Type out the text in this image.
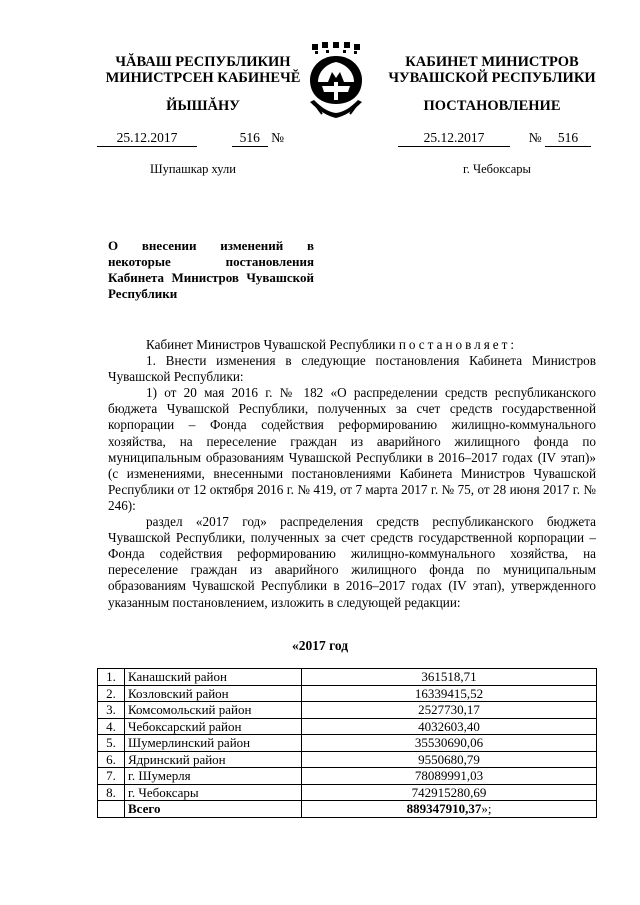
ЧĂВАШ РЕСПУБЛИКИН
МИНИСТРСЕН КАБИНЕЧĔ
ЙЫШĂНУ
КАБИНЕТ МИНИСТРОВ
ЧУВАШСКОЙ РЕСПУБЛИКИ
ПОСТАНОВЛЕНИЕ
25.12.2017	516 №	25.12.2017	№ 516
Шупашкар хули	г. Чебоксары
О внесении изменений в некоторые постановления Кабинета Министров Чувашской Республики

Кабинет Министров Чувашской Республики постановляет:

1. Внести изменения в следующие постановления Кабинета Министров Чувашской Республики:

1) от 20 мая 2016 г. № 182 «О распределении средств республиканского бюджета Чувашской Республики, полученных за счет средств государственной корпорации – Фонда содействия реформированию жилищно-коммунального хозяйства, на переселение граждан из аварийного жилищного фонда по муниципальным образованиям Чувашской Республики в 2016–2017 годах (IV этап)» (с изменениями, внесенными постановлениями Кабинета Министров Чувашской Республики от 12 октября 2016 г. № 419, от 7 марта 2017 г. № 75, от 28 июня 2017 г. № 246):

раздел «2017 год» распределения средств республиканского бюджета Чувашской Республики, полученных за счет средств государственной корпорации – Фонда содействия реформированию жилищно-коммунального хозяйства, на переселение граждан из аварийного жилищного фонда по муниципальным образованиям Чувашской Республики в 2016–2017 годах (IV этап), утвержденного указанным постановлением, изложить в следующей редакции:

«2017 год
1.	Канашский район	361518,71
2.	Козловский район	16339415,52
3.	Комсомольский район	2527730,17
4.	Чебоксарский район	4032603,40
5.	Шумерлинский район	35530690,06
6.	Ядринский район	9550680,79
7.	г. Шумерля	78089991,03
8.	г. Чебоксары	742915280,69
	Всего	889347910,37»;
